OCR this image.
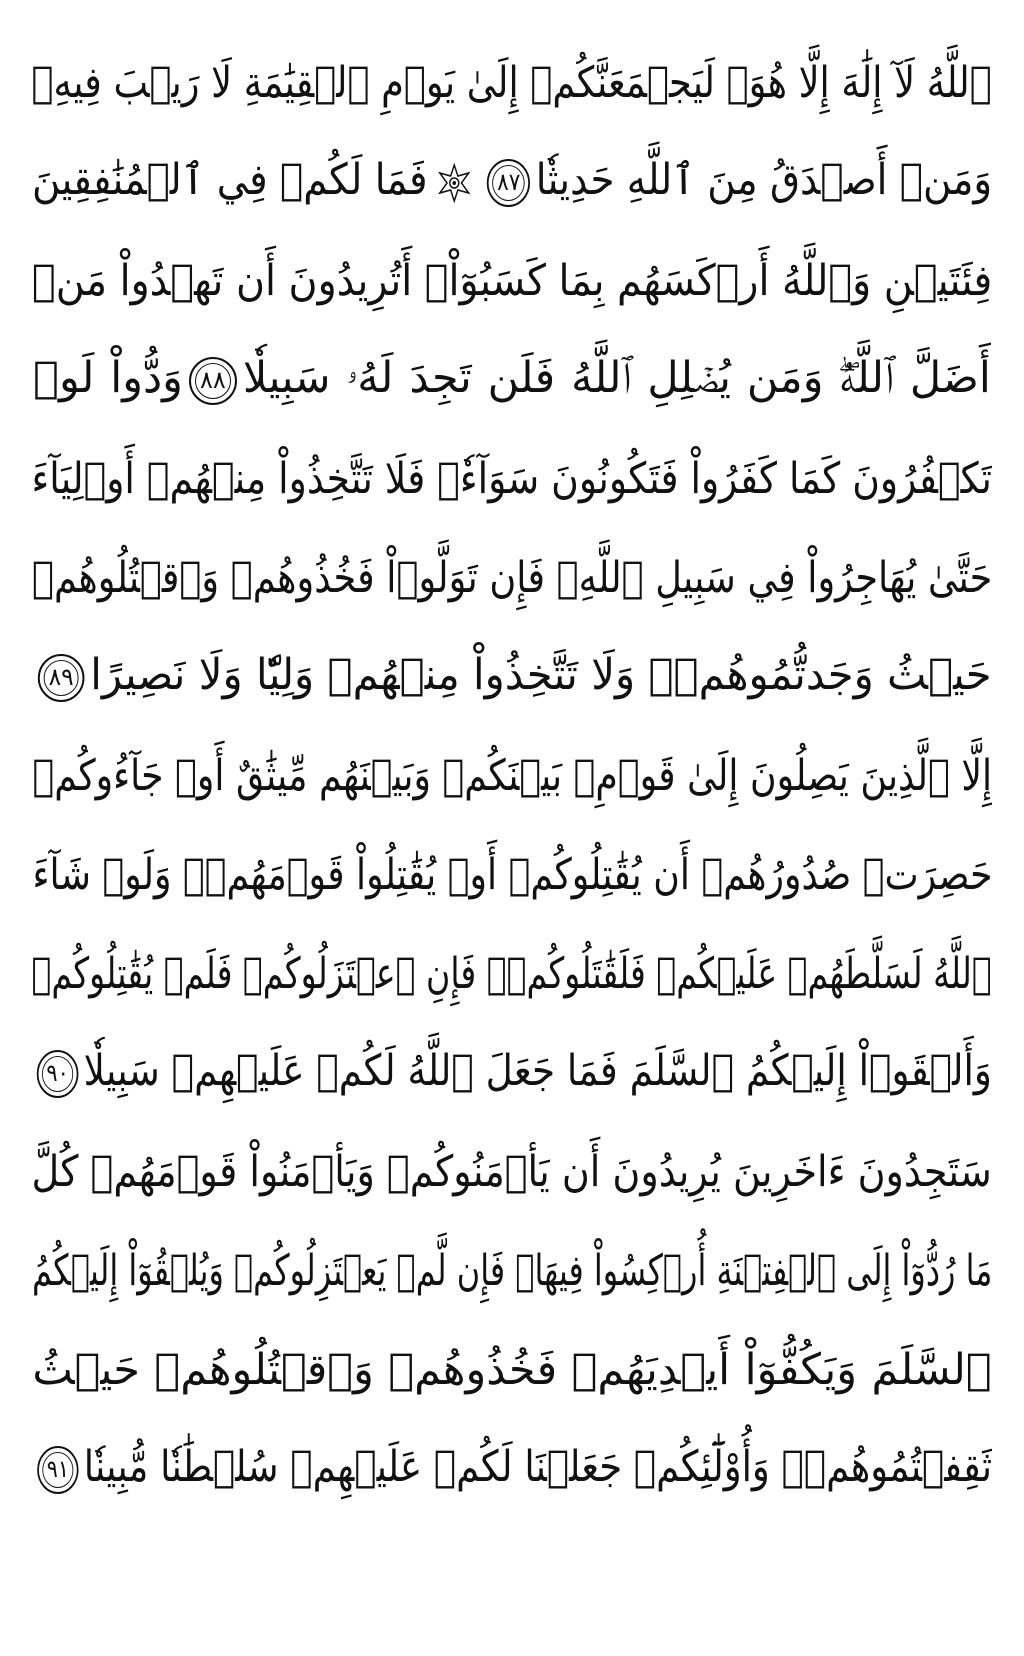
ٱللَّهُ لَآ إِلَٰهَ إِلَّا هُوَۚ لَيَجۡمَعَنَّكُمۡ إِلَىٰ يَوۡمِ ٱلۡقِيَٰمَةِ لَا رَيۡبَ فِيهِۗ
وَمَنۡ أَصۡدَقُ مِنَ ٱللَّهِ حَدِيثٗا٨٧
فَمَا لَكُمۡ فِي ٱلۡمُنَٰفِقِينَ
فِئَتَيۡنِ وَٱللَّهُ أَرۡكَسَهُم بِمَا كَسَبُوٓاْۚ أَتُرِيدُونَ أَن تَهۡدُواْ مَنۡ
أَضَلَّ ٱللَّهُۖ وَمَن يُضۡلِلِ ٱللَّهُ فَلَن تَجِدَ لَهُۥ سَبِيلٗا٨٨وَدُّواْ لَوۡ
تَكۡفُرُونَ كَمَا كَفَرُواْ فَتَكُونُونَ سَوَآءٗۖ فَلَا تَتَّخِذُواْ مِنۡهُمۡ أَوۡلِيَآءَ
حَتَّىٰ يُهَاجِرُواْ فِي سَبِيلِ ٱللَّهِۚ فَإِن تَوَلَّوۡاْ فَخُذُوهُمۡ وَٱقۡتُلُوهُمۡ
حَيۡثُ وَجَدتُّمُوهُمۡۖ وَلَا تَتَّخِذُواْ مِنۡهُمۡ وَلِيّٗا وَلَا نَصِيرًا٨٩
إِلَّا ٱلَّذِينَ يَصِلُونَ إِلَىٰ قَوۡمِۭ بَيۡنَكُمۡ وَبَيۡنَهُم مِّيثَٰقٌ أَوۡ جَآءُوكُمۡ
حَصِرَتۡ صُدُورُهُمۡ أَن يُقَٰتِلُوكُمۡ أَوۡ يُقَٰتِلُواْ قَوۡمَهُمۡۚ وَلَوۡ شَآءَ
ٱللَّهُ لَسَلَّطَهُمۡ عَلَيۡكُمۡ فَلَقَٰتَلُوكُمۡۚ فَإِنِ ٱعۡتَزَلُوكُمۡ فَلَمۡ يُقَٰتِلُوكُمۡ
وَأَلۡقَوۡاْ إِلَيۡكُمُ ٱلسَّلَمَ فَمَا جَعَلَ ٱللَّهُ لَكُمۡ عَلَيۡهِمۡ سَبِيلٗا٩٠
سَتَجِدُونَ ءَاخَرِينَ يُرِيدُونَ أَن يَأۡمَنُوكُمۡ وَيَأۡمَنُواْ قَوۡمَهُمۡ كُلَّ
مَا رُدُّوٓاْ إِلَى ٱلۡفِتۡنَةِ أُرۡكِسُواْ فِيهَاۚ فَإِن لَّمۡ يَعۡتَزِلُوكُمۡ وَيُلۡقُوٓاْ إِلَيۡكُمُ
ٱلسَّلَمَ وَيَكُفُّوٓاْ أَيۡدِيَهُمۡ فَخُذُوهُمۡ وَٱقۡتُلُوهُمۡ حَيۡثُ
ثَقِفۡتُمُوهُمۡۚ وَأُوْلَٰٓئِكُمۡ جَعَلۡنَا لَكُمۡ عَلَيۡهِمۡ سُلۡطَٰنٗا مُّبِينٗا٩١
